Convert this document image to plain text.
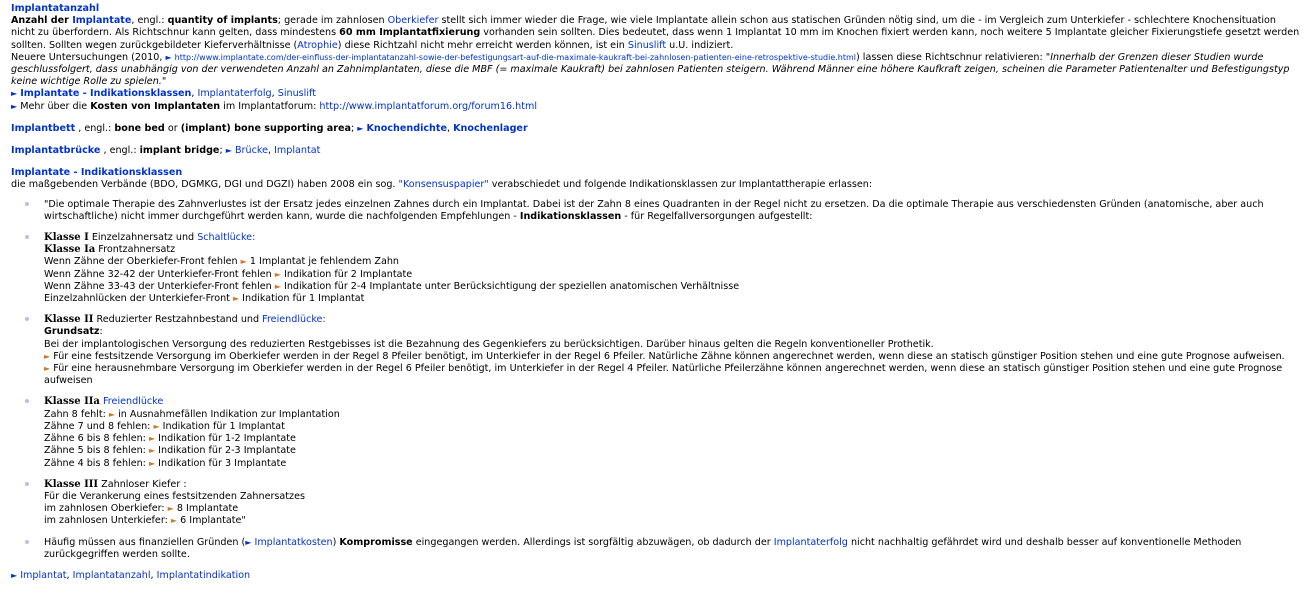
Implantatanzahl
Anzahl der Implantate, engl.: quantity of implants; gerade im zahnlosen Oberkiefer stellt sich immer wieder die Frage, wie viele Implantate allein schon aus statischen Gründen nötig sind, um die - im Vergleich zum Unterkiefer - schlechtere Knochensituation nicht zu überfordern. Als Richtschnur kann gelten, dass mindestens 60 mm Implantatfixierung vorhanden sein sollten. Dies bedeutet, dass wenn 1 Implantat 10 mm im Knochen fixiert werden kann, noch weitere 5 Implantate gleicher Fixierungstiefe gesetzt werden sollten. Sollten wegen zurückgebildeter Kieferverhältnisse (Atrophie) diese Richtzahl nicht mehr erreicht werden können, ist ein Sinuslift u.U. indiziert.
Neuere Untersuchungen (2010, ► http://www.implantate.com/der-einfluss-der-implantatanzahl-sowie-der-befestigungsart-auf-die-maximale-kaukraft-bei-zahnlosen-patienten-eine-retrospektive-studie.html) lassen diese Richtschnur relativieren: "Innerhalb der Grenzen dieser Studien wurde geschlussfolgert, dass unabhängig von der verwendeten Anzahl an Zahnimplantaten, diese die MBF (= maximale Kaukraft) bei zahnlosen Patienten steigern. Während Männer eine höhere Kaufkraft zeigen, scheinen die Parameter Patientenalter und Befestigungstyp keine wichtige Rolle zu spielen."
► Implantate - Indikationsklassen, Implantaterfolg, Sinuslift
► Mehr über die Kosten von Implantaten im Implantatforum: http://www.implantatforum.org/forum16.html
Implantbett , engl.: bone bed or (implant) bone supporting area; ► Knochendichte, Knochenlager
Implantatbrücke , engl.: implant bridge; ► Brücke, Implantat
Implantate - Indikationsklassen
die maßgebenden Verbände (BDO, DGMKG, DGI und DGZI) haben 2008 ein sog. "Konsensuspapier" verabschiedet und folgende Indikationsklassen zur Implantattherapie erlassen:
"Die optimale Therapie des Zahnverlustes ist der Ersatz jedes einzelnen Zahnes durch ein Implantat. Dabei ist der Zahn 8 eines Quadranten in der Regel nicht zu ersetzen. Da die optimale Therapie aus verschiedensten Gründen (anatomische, aber auch wirtschaftliche) nicht immer durchgeführt werden kann, wurde die nachfolgenden Empfehlungen - Indikationsklassen - für Regelfallversorgungen aufgestellt:
Klasse I Einzelzahnersatz und Schaltlücke:
Klasse Ia Frontzahnersatz
Wenn Zähne der Oberkiefer-Front fehlen ► 1 Implantat je fehlendem Zahn
Wenn Zähne 32-42 der Unterkiefer-Front fehlen ► Indikation für 2 Implantate
Wenn Zähne 33-43 der Unterkiefer-Front fehlen ► Indikation für 2-4 Implantate unter Berücksichtigung der speziellen anatomischen Verhältnisse
Einzelzahnlücken der Unterkiefer-Front ► Indikation für 1 Implantat
Klasse II Reduzierter Restzahnbestand und Freiendlücke:
Grundsatz:
Bei der implantologischen Versorgung des reduzierten Restgebisses ist die Bezahnung des Gegenkiefers zu berücksichtigen. Darüber hinaus gelten die Regeln konventioneller Prothetik.
► Für eine festsitzende Versorgung im Oberkiefer werden in der Regel 8 Pfeiler benötigt, im Unterkiefer in der Regel 6 Pfeiler. Natürliche Zähne können angerechnet werden, wenn diese an statisch günstiger Position stehen und eine gute Prognose aufweisen.
► Für eine herausnehmbare Versorgung im Oberkiefer werden in der Regel 6 Pfeiler benötigt, im Unterkiefer in der Regel 4 Pfeiler. Natürliche Pfeilerzähne können angerechnet werden, wenn diese an statisch günstiger Position stehen und eine gute Prognose aufweisen
Klasse IIa Freiendlücke
Zahn 8 fehlt: ► in Ausnahmefällen Indikation zur Implantation
Zähne 7 und 8 fehlen: ► Indikation für 1 Implantat
Zähne 6 bis 8 fehlen: ► Indikation für 1-2 Implantate
Zähne 5 bis 8 fehlen: ► Indikation für 2-3 Implantate
Zähne 4 bis 8 fehlen: ► Indikation für 3 Implantate
Klasse III Zahnloser Kiefer :
Für die Verankerung eines festsitzenden Zahnersatzes
im zahnlosen Oberkiefer: ► 8 Implantate
im zahnlosen Unterkiefer: ► 6 Implantate"
Häufig müssen aus finanziellen Gründen (► Implantatkosten) Kompromisse eingegangen werden. Allerdings ist sorgfältig abzuwägen, ob dadurch der Implantaterfolg nicht nachhaltig gefährdet wird und deshalb besser auf konventionelle Methoden zurückgegriffen werden sollte.
► Implantat, Implantatanzahl, Implantatindikation
